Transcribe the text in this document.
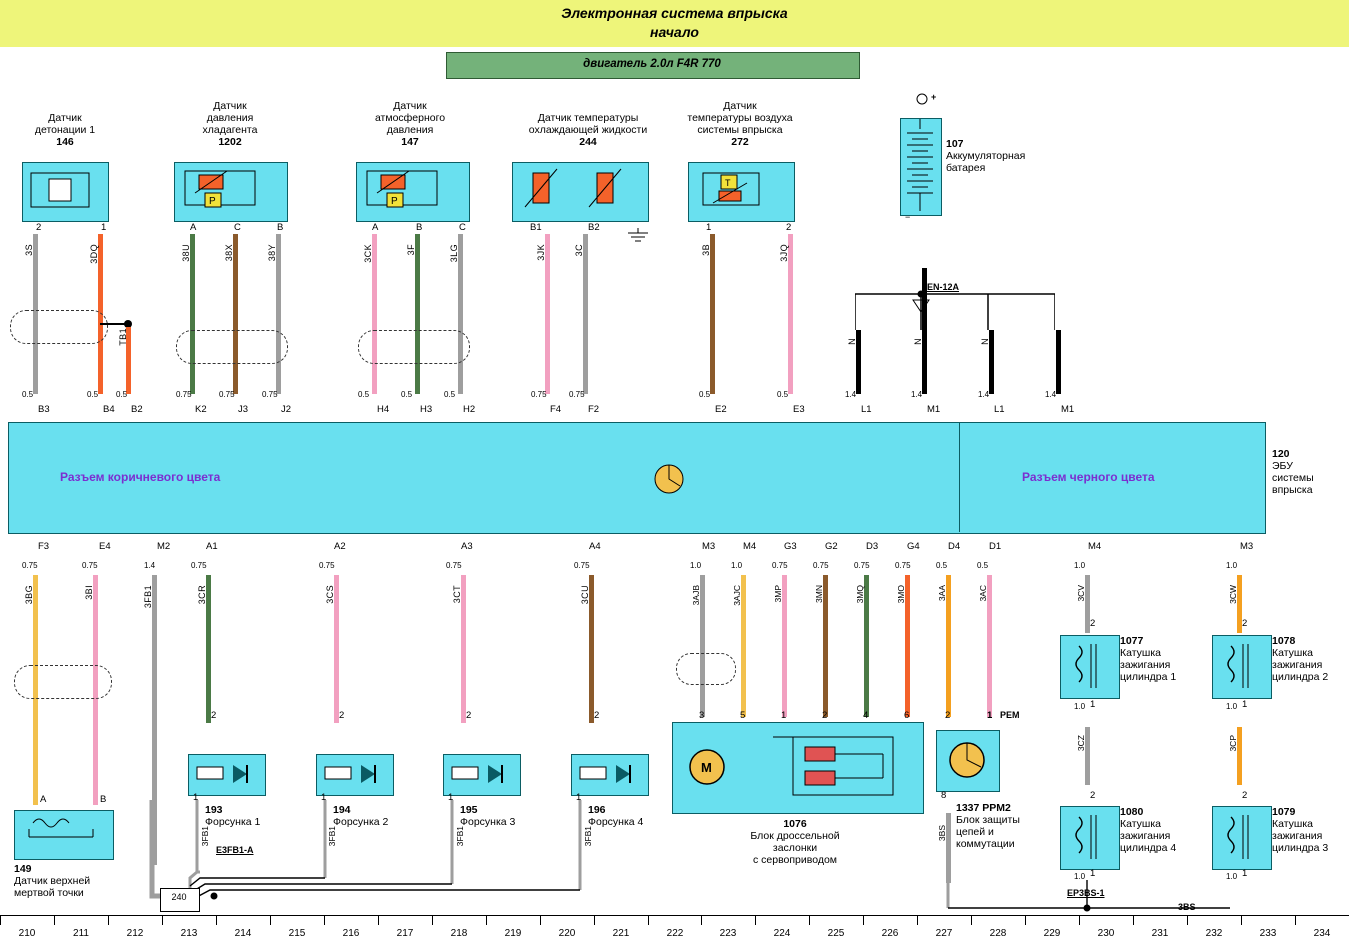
Электронная система впрыска
начало
двигатель 2.0л F4R 770
Датчик
детонации 1
146
2	1
Датчик
давления
хладагента
1202
P
A	C	B
Датчик
атмосферного
давления
147
P
A	B	C
Датчик температуры
охлаждающей жидкости
244
B1	B2
Датчик
температуры воздуха
системы впрыска
272
T
1	2
+
107
Аккумуляторная
батарея
−
EN-12A
3S
0.5
3DQ
0.5
TB1
0.5
38U
0.75
38X
0.75
38Y
0.75
3CK
0.5
3F
0.5
3LG
0.5
3JK
0.75
3C
0.75
3B
0.5
3JQ
0.5
N
1.4
N
1.4
N
1.4	1.4
B3	B4 B2	K2	J3	J2	H4	H3	H2	F4	F2	E2	E3	L1	M1	L1	M1
Разъем коричневого цвета	Разъем черного цвета
120
ЭБУ
системы
впрыска
F3	E4	M2	A1	A2	A3	A4	M3	M4	G3	G2	D3	G4	D4	D1	M4	M3
0.75	0.75	1.4	0.75	0.75	0.75	0.75	1.0	1.0	0.75	0.75	0.75	0.75	0.5	0.5	1.0	1.0
3BG	3BI	3FB1	3CR	3CS	3CT	3CU	3AJB	3AJC	3MP	3MN	3MQ	3MO	3AA	3AC	3CV	3CW
3CZ	3CP
3BS
A	B
149
Датчик верхней
мертвой точки
2
1
193
Форсунка 1
2
1
194
Форсунка 2
2
1
195
Форсунка 3
2
1
196
Форсунка 4
3FB1	3FB1	3FB1	3FB1
E3FB1-A
240
3	5	1	2	4	6
M
1076
Блок дроссельной
заслонки
с сервоприводом
2	1 PEM
8
1337 PPM2
Блок защиты
цепей и
коммутации
EP3BS-1
3BS
2
1077
Катушка
зажигания
цилиндра 1
1
2
1078
Катушка
зажигания
цилиндра 2
1
2
1080
Катушка
зажигания
цилиндра 4
1
2
1079
Катушка
зажигания
цилиндра 3
1
1.0	1.0
1.0	1.0
210	211	212	213	214	215	216	217	218	219	220	221	222	223	224	225	226	227	228	229	230	231	232	233	234
